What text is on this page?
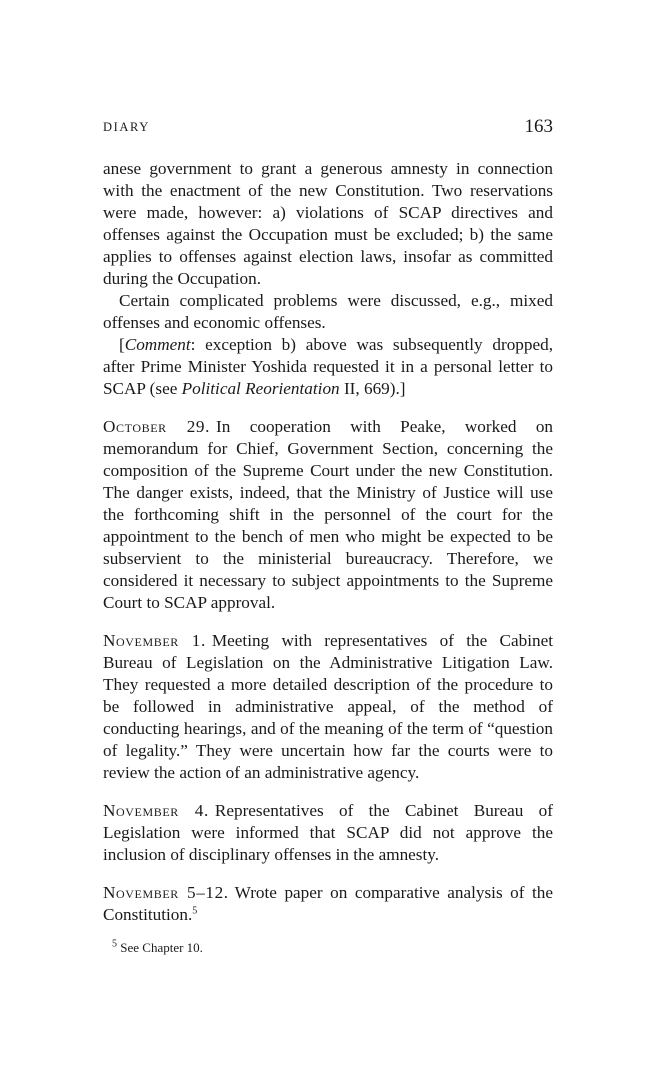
DIARY	163

anese government to grant a generous amnesty in connection with the enactment of the new Constitution. Two reservations were made, however: a) violations of SCAP directives and offenses against the Occupation must be excluded; b) the same applies to offenses against election laws, insofar as committed during the Occupation.

Certain complicated problems were discussed, e.g., mixed offenses and economic offenses.

[Comment: exception b) above was subsequently dropped, after Prime Minister Yoshida requested it in a personal letter to SCAP (see Political Reorientation II, 669).]

October 29. In cooperation with Peake, worked on memorandum for Chief, Government Section, concerning the composition of the Supreme Court under the new Constitution. The danger exists, indeed, that the Ministry of Justice will use the forthcoming shift in the personnel of the court for the appointment to the bench of men who might be expected to be subservient to the ministerial bureaucracy. Therefore, we considered it necessary to subject appointments to the Supreme Court to SCAP approval.

November 1. Meeting with representatives of the Cabinet Bureau of Legislation on the Administrative Litigation Law. They requested a more detailed description of the procedure to be followed in administrative appeal, of the method of conducting hearings, and of the meaning of the term of “question of legality.” They were uncertain how far the courts were to review the action of an administrative agency.

November 4. Representatives of the Cabinet Bureau of Legislation were informed that SCAP did not approve the inclusion of disciplinary offenses in the amnesty.

November 5–12. Wrote paper on comparative analysis of the Constitution.$^5$

$^5$ See Chapter 10.
